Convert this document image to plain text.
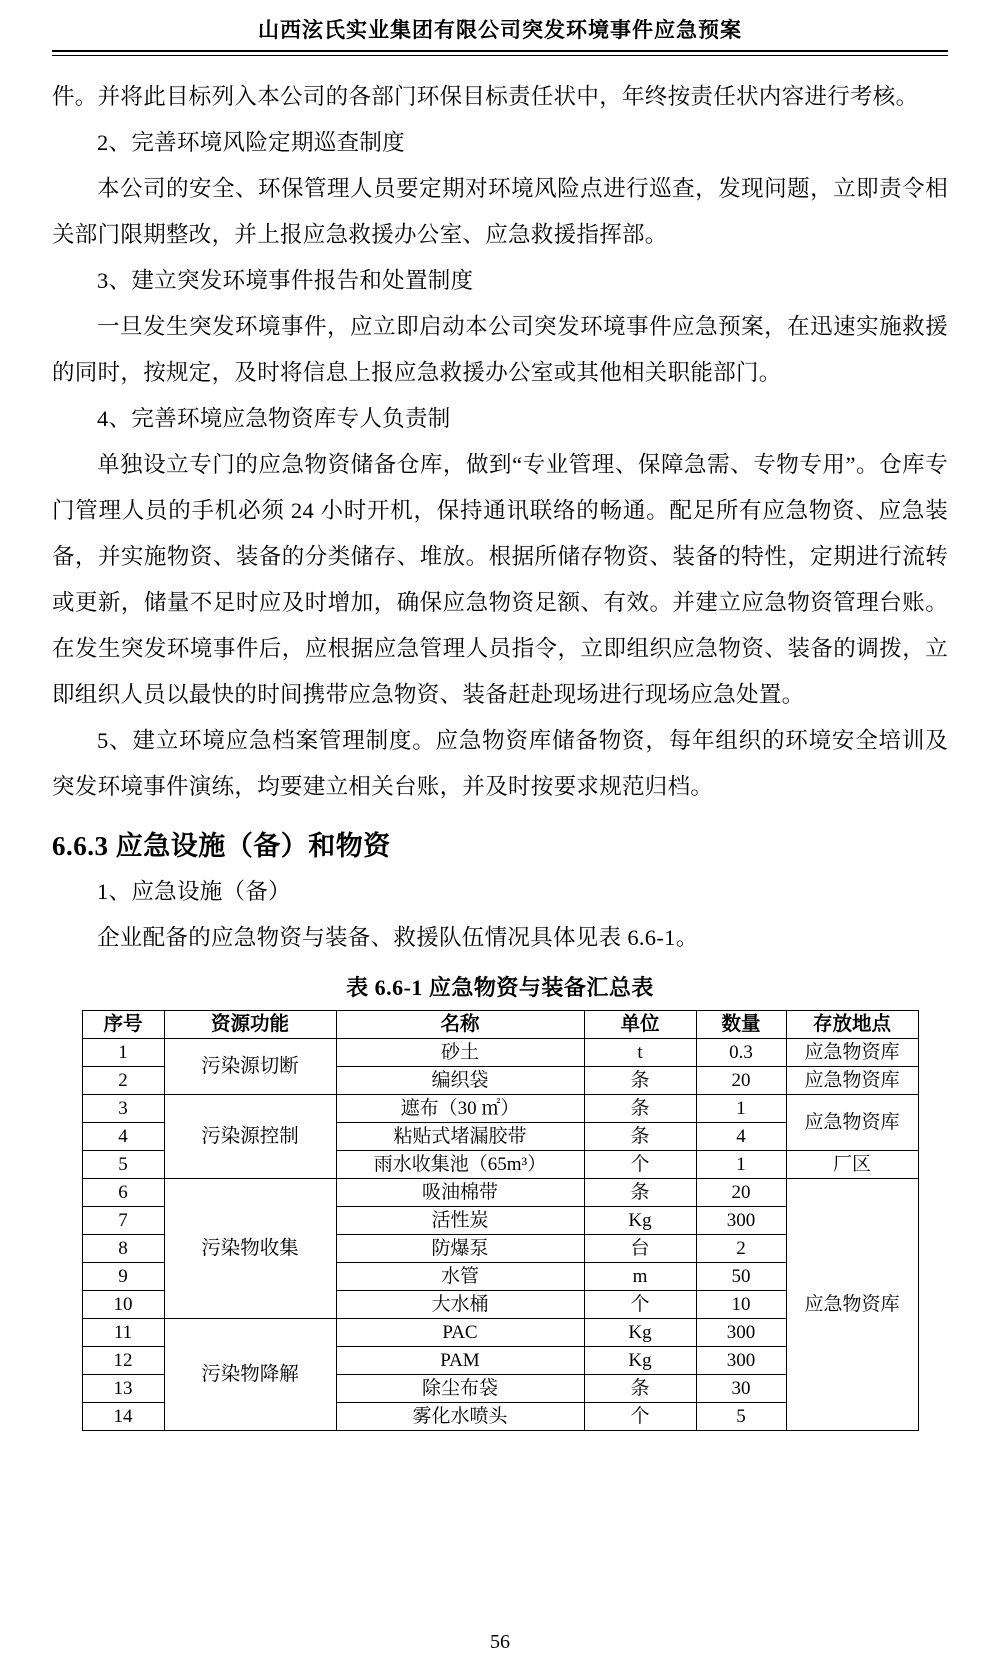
山西泫氏实业集团有限公司突发环境事件应急预案

件。并将此目标列入本公司的各部门环保目标责任状中，年终按责任状内容进行考核。

2、完善环境风险定期巡查制度

本公司的安全、环保管理人员要定期对环境风险点进行巡查，发现问题，立即责令相关部门限期整改，并上报应急救援办公室、应急救援指挥部。

3、建立突发环境事件报告和处置制度

一旦发生突发环境事件，应立即启动本公司突发环境事件应急预案，在迅速实施救援的同时，按规定，及时将信息上报应急救援办公室或其他相关职能部门。

4、完善环境应急物资库专人负责制

单独设立专门的应急物资储备仓库，做到“专业管理、保障急需、专物专用”。仓库专门管理人员的手机必须 24 小时开机，保持通讯联络的畅通。配足所有应急物资、应急装备，并实施物资、装备的分类储存、堆放。根据所储存物资、装备的特性，定期进行流转或更新，储量不足时应及时增加，确保应急物资足额、有效。并建立应急物资管理台账。在发生突发环境事件后，应根据应急管理人员指令，立即组织应急物资、装备的调拨，立即组织人员以最快的时间携带应急物资、装备赶赴现场进行现场应急处置。

5、建立环境应急档案管理制度。应急物资库储备物资，每年组织的环境安全培训及突发环境事件演练，均要建立相关台账，并及时按要求规范归档。

6.6.3 应急设施（备）和物资

1、应急设施（备）

企业配备的应急物资与装备、救援队伍情况具体见表 6.6-1。

表 6.6-1 应急物资与装备汇总表
序号	资源功能	名称	单位	数量	存放地点
1	污染源切断	砂土	t	0.3	应急物资库
2		编织袋	条	20	应急物资库
3	污染源控制	遮布（30 ㎡）	条	1	应急物资库
4		粘贴式堵漏胶带	条	4	
5		雨水收集池（65m³）	个	1	厂区
6	污染物收集	吸油棉带	条	20	应急物资库
7		活性炭	Kg	300	
8		防爆泵	台	2	
9		水管	m	50	
10		大水桶	个	10	
11	污染物降解	PAC	Kg	300	
12		PAM	Kg	300	
13		除尘布袋	条	30	
14		雾化水喷头	个	5	
56
